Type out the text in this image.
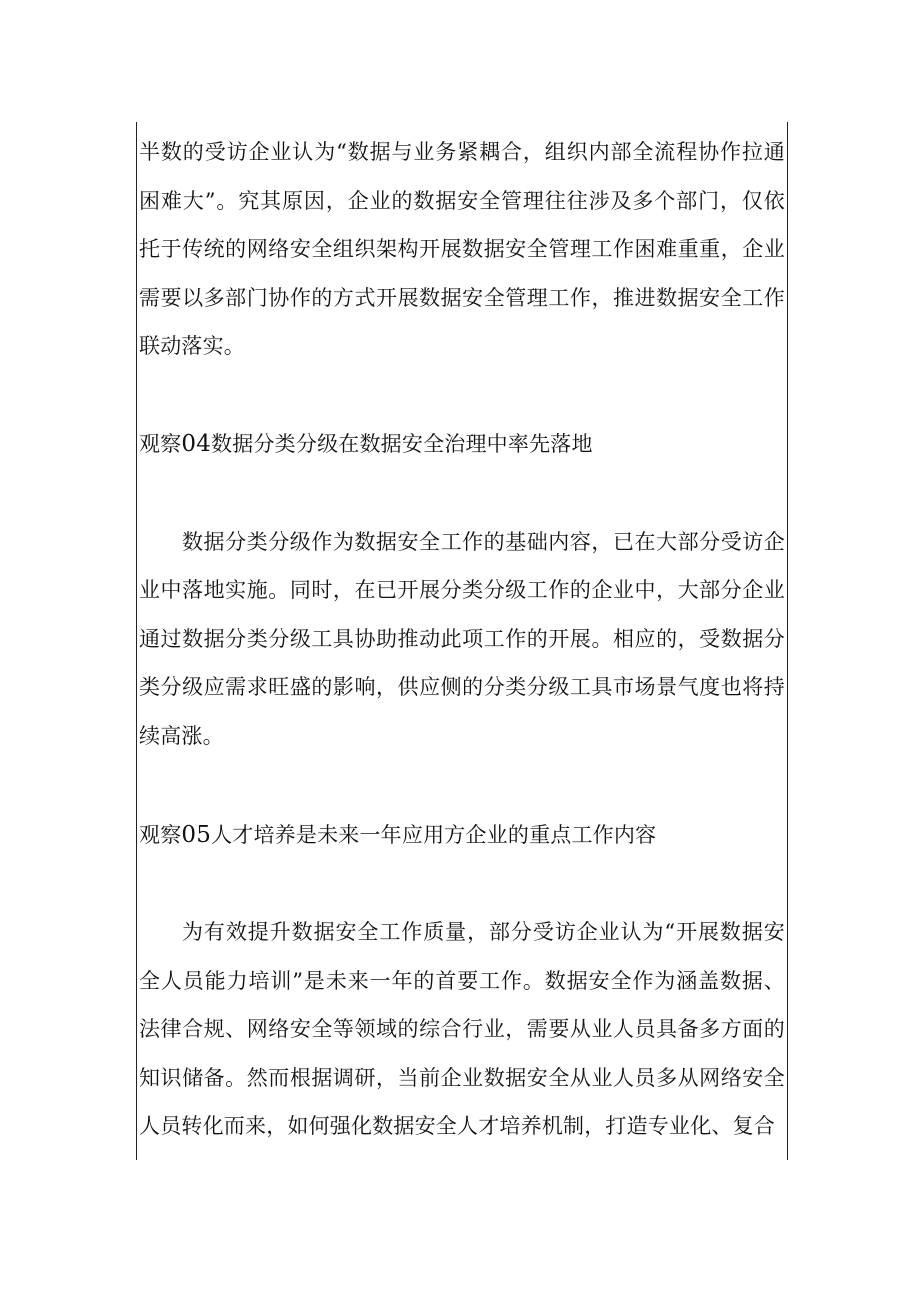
半数的受访企业认为“数据与业务紧耦合，组织内部全流程协作拉通困难大”。究其原因，企业的数据安全管理往往涉及多个部门，仅依托于传统的网络安全组织架构开展数据安全管理工作困难重重，企业需要以多部门协作的方式开展数据安全管理工作，推进数据安全工作联动落实。

观察04数据分类分级在数据安全治理中率先落地

数据分类分级作为数据安全工作的基础内容，已在大部分受访企业中落地实施。同时，在已开展分类分级工作的企业中，大部分企业通过数据分类分级工具协助推动此项工作的开展。相应的，受数据分类分级应需求旺盛的影响，供应侧的分类分级工具市场景气度也将持续高涨。

观察05人才培养是未来一年应用方企业的重点工作内容

为有效提升数据安全工作质量，部分受访企业认为“开展数据安全人员能力培训”是未来一年的首要工作。数据安全作为涵盖数据、法律合规、网络安全等领域的综合行业，需要从业人员具备多方面的知识储备。然而根据调研，当前企业数据安全从业人员多从网络安全人员转化而来，如何强化数据安全人才培养机制，打造专业化、复合
